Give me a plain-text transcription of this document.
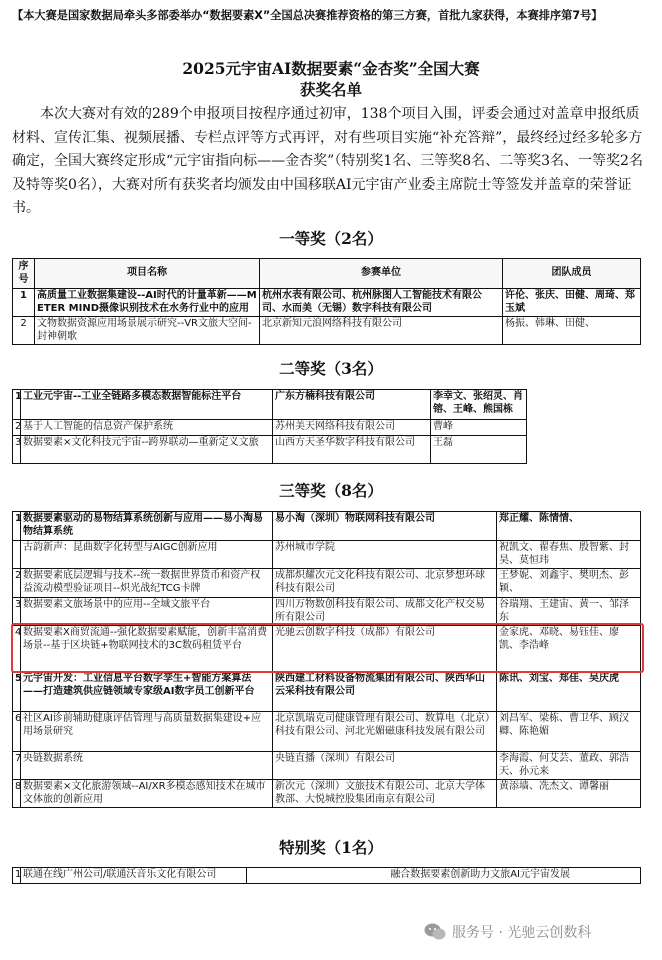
【本大赛是国家数据局牵头多部委举办“数据要素X”全国总决赛推荐资格的第三方赛，首批九家获得，本赛排序第7号】
2025元宇宙AI数据要素“金杏奖”全国大赛
获奖名单
本次大赛对有效的289个申报项目按程序通过初审，138个项目入围，评委会通过对盖章申报纸质材料、宣传汇集、视频展播、专栏点评等方式再评，对有些项目实施“补充答辩”，最终经过经多轮多方确定，全国大赛终定形成“元宇宙指向标——金杏奖”（特别奖1名、三等奖8名、二等奖3名、一等奖2名及特等奖0名），大赛对所有获奖者均颁发由中国移联AI元宇宙产业委主席院士等签发并盖章的荣誉证书。
一等奖（2名）
序号	项目名称	参赛单位	团队成员
1	高质量工业数据集建设--AI时代的计量革新——METER MIND摄像识别技术在水务行业中的应用	杭州水表有限公司、杭州脉图人工智能技术有限公司、水而美（无锡）数字科技有限公司	许伦、张庆、田健、周琦、郑玉斌
2	文物数据资源应用场景展示研究--VR文旅大空间-封神朝歌	北京新知元浪网络科技有限公司	杨振、韩琳、田健、
二等奖（3名）
1	工业元宇宙--工业全链路多模态数据智能标注平台	广东方楠科技有限公司	李幸文、张绍灵、肖镕、王峰、熊国栋	
2	基于人工智能的信息资产保护系统	苏州美天网络科技有限公司	曹峰	
3	数据要素×文化科技元宇宙--跨界联动—重新定义文旅	山西方天圣华数字科技有限公司	王磊	
三等奖（8名）
1	数据要素驱动的易物结算系统创新与应用——易小淘易物结算系统	易小淘（深圳）物联网科技有限公司	郑正耀、陈情情、
	古韵新声：昆曲数字化转型与AIGC创新应用	苏州城市学院	祝凯文、翟春焦、殷智紫、封昊、莫恒玮
2	数据要素底层逻辑与技术--统一数据世界货币和资产权益流动模型验证项目--炽光战纪TCG卡牌	成都炽耀次元文化科技有限公司、北京梦想环球科技有限公司	王梦妮、刘鑫宇、樊明杰、彭颖、
3	数据要素文旅场景中的应用--全域文旅平台	四川万物数创科技有限公司、成都文化产权交易所有限公司	谷瑞翔、王建宙、黄一、邹泽东
4	数据要素X商贸流通--强化数据要素赋能，创新丰富消费场景--基于区块链+物联网技术的3C数码租赁平台	光驰云创数字科技（成都）有限公司	金家虎、邓晓、易钰佳、廖凯、李浩峰
5	元宇宙开发：工业信息平台数字孪生+智能方案算法——打造建筑供应链领域专家级AI数字员工创新平台	陕西建工材料设备物流集团有限公司、陕西华山云采科技有限公司	陈讯、刘宝、郑佳、吴庆虎
6	社区AI诊前辅助健康评估管理与高质量数据集建设+应用场景研究	北京凯瑞克司健康管理有限公司、数算电（北京）科技有限公司、河北光媚磁康科技发展有限公司	刘昌军、梁栋、曹卫华、顾汉卿、陈艳媚
7	央链数据系统	央链直播（深圳）有限公司	李海霞、何艾芸、董政、郭浩天、孙元来
8	数据要素×文化旅游领域--AI/XR多模态感知技术在城市文体旅的创新应用	新次元（深圳）文旅技术有限公司、北京大学体教部、大悦城控股集团南京有限公司	黄添墙、冼杰文、谭馨丽
特别奖（1名）
1	联通在线广州公司/联通沃音乐文化有限公司	融合数据要素创新助力文旅AI元宇宙发展
服务号 · 光驰云创数科
